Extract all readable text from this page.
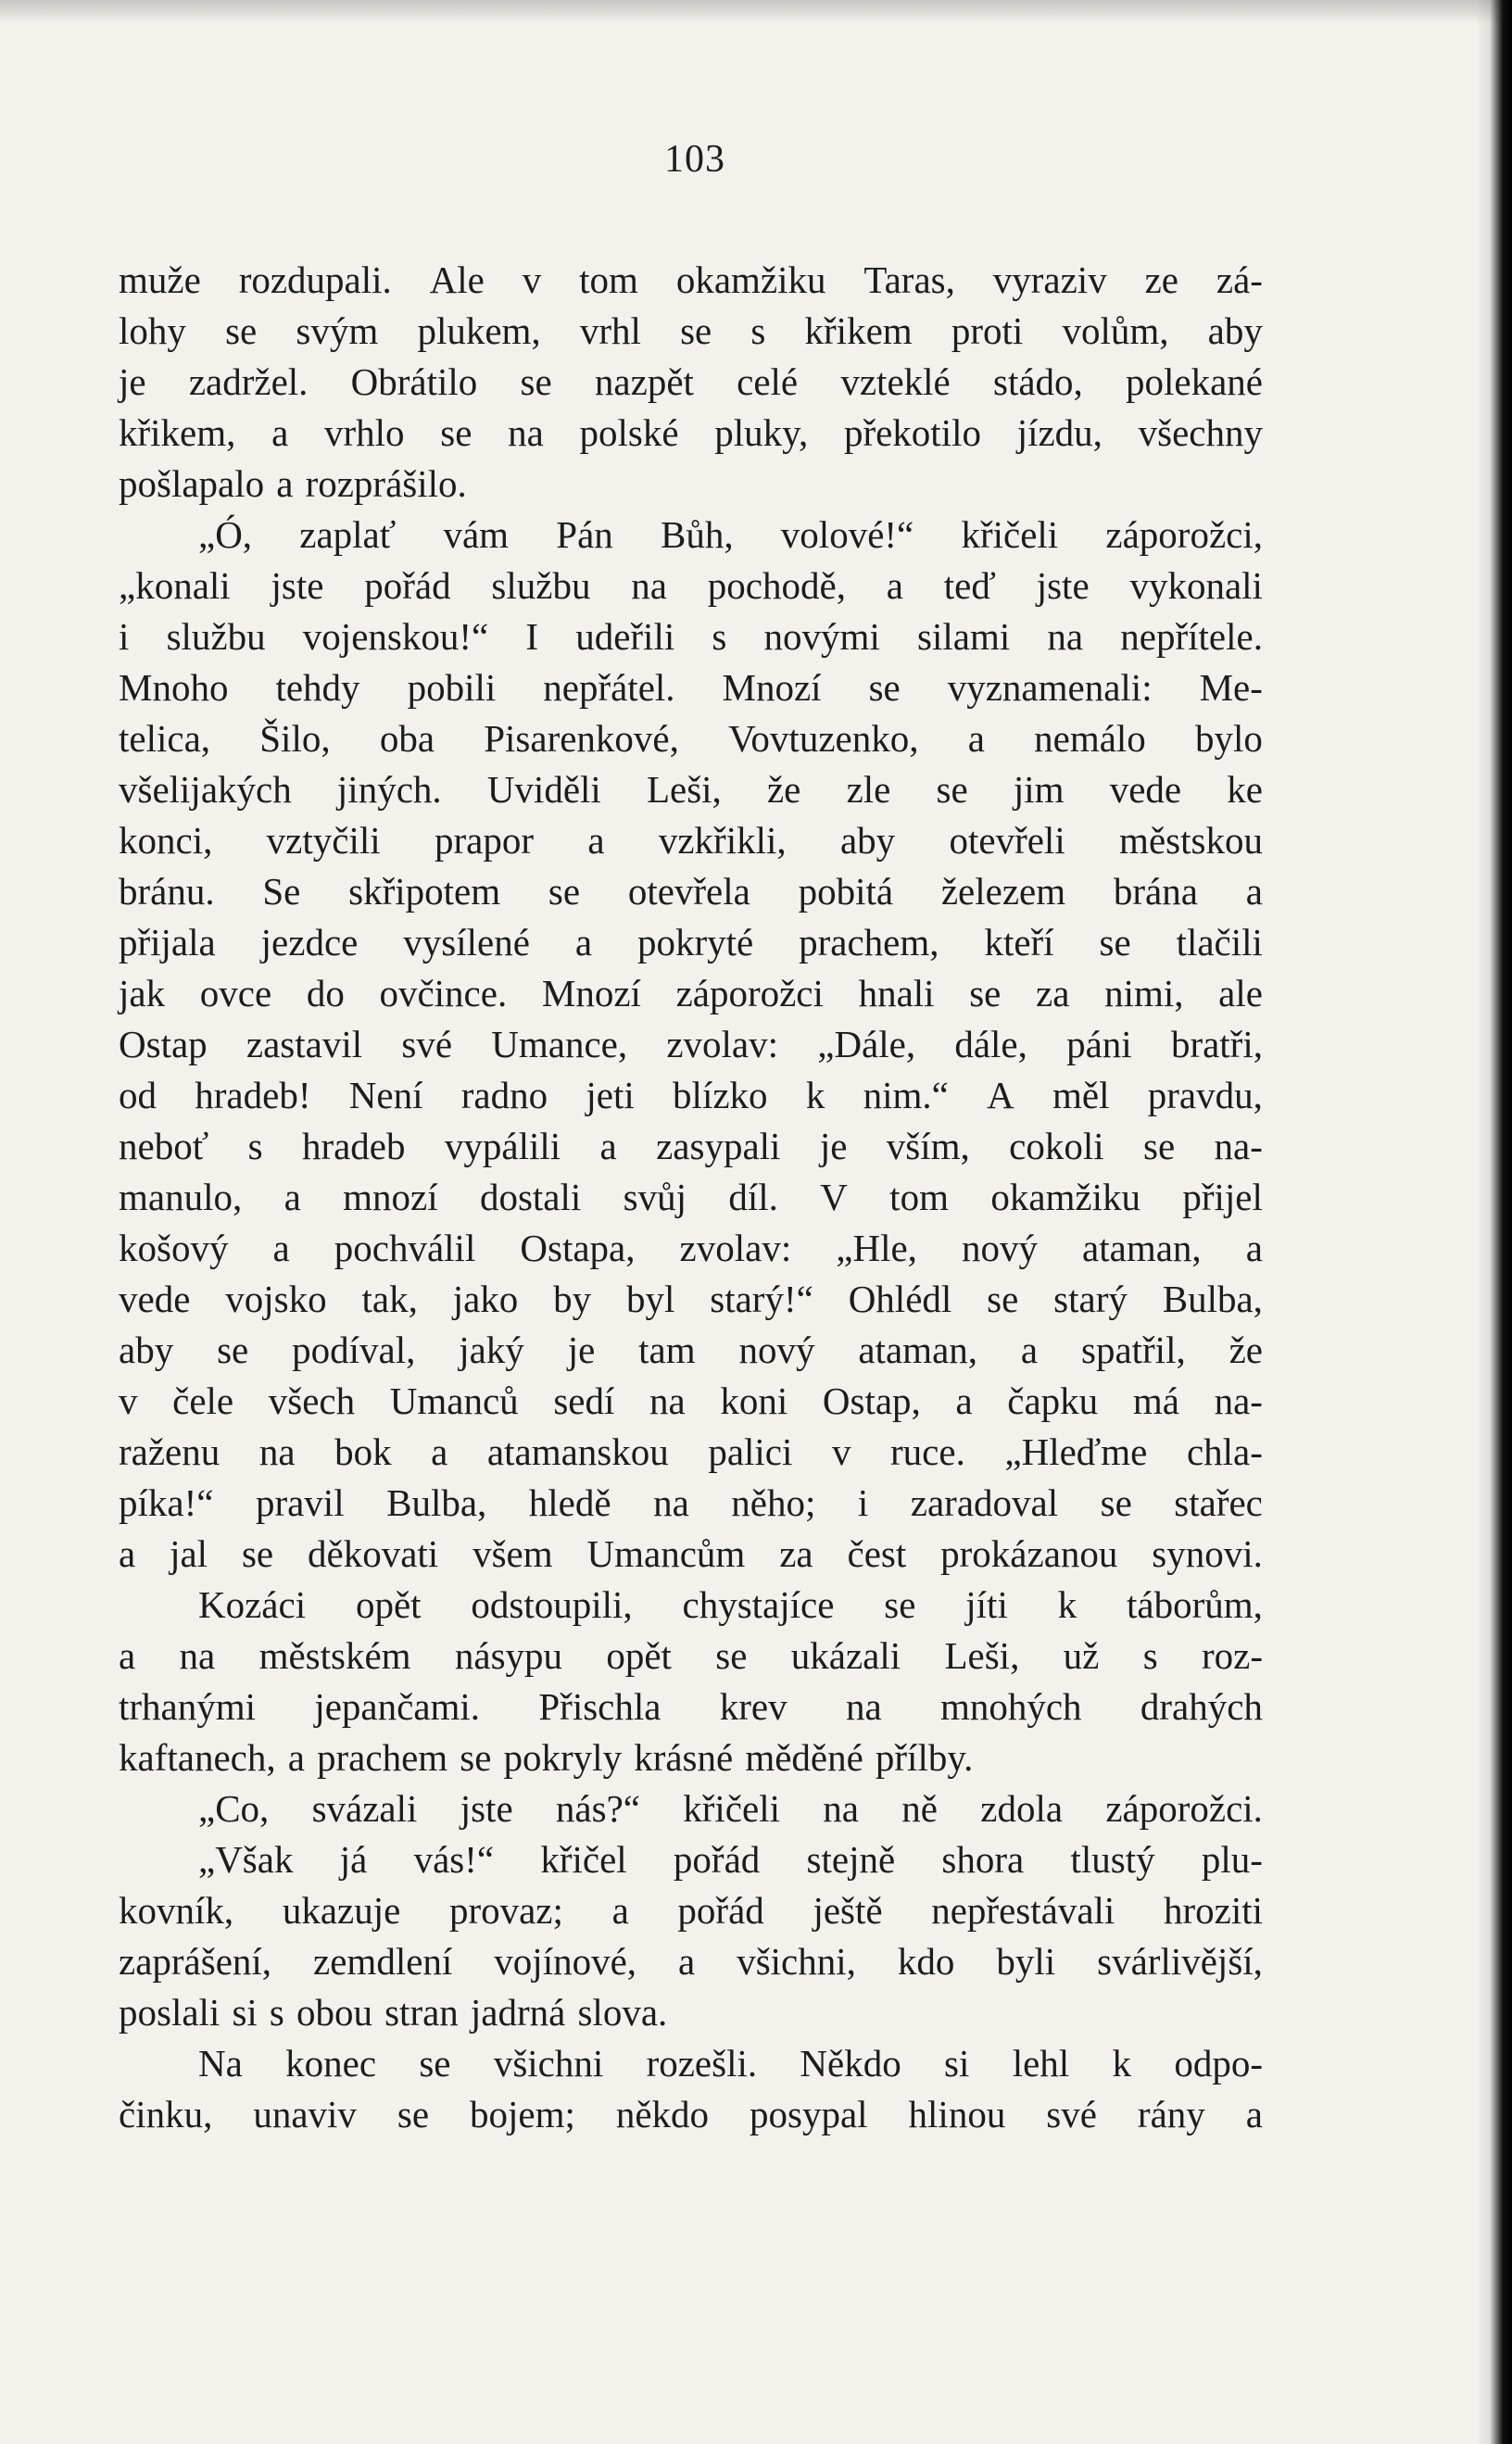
103
muže rozdupali. Ale v tom okamžiku Taras, vyraziv ze zá-
lohy se svým plukem, vrhl se s křikem proti volům, aby
je zadržel. Obrátilo se nazpět celé vzteklé stádo, polekané
křikem, a vrhlo se na polské pluky, překotilo jízdu, všechny
pošlapalo a rozprášilo.
„Ó, zaplať vám Pán Bůh, volové!“ křičeli záporožci,
„konali jste pořád službu na pochodě, a teď jste vykonali
i službu vojenskou!“ I udeřili s novými silami na nepřítele.
Mnoho tehdy pobili nepřátel. Mnozí se vyznamenali: Me-
telica, Šilo, oba Pisarenkové, Vovtuzenko, a nemálo bylo
všelijakých jiných. Uviděli Leši, že zle se jim vede ke
konci, vztyčili prapor a vzkřikli, aby otevřeli městskou
bránu. Se skřipotem se otevřela pobitá železem brána a
přijala jezdce vysílené a pokryté prachem, kteří se tlačili
jak ovce do ovčince. Mnozí záporožci hnali se za nimi, ale
Ostap zastavil své Umance, zvolav: „Dále, dále, páni bratři,
od hradeb! Není radno jeti blízko k nim.“ A měl pravdu,
neboť s hradeb vypálili a zasypali je vším, cokoli se na-
manulo, a mnozí dostali svůj díl. V tom okamžiku přijel
košový a pochválil Ostapa, zvolav: „Hle, nový ataman, a
vede vojsko tak, jako by byl starý!“ Ohlédl se starý Bulba,
aby se podíval, jaký je tam nový ataman, a spatřil, že
v čele všech Umanců sedí na koni Ostap, a čapku má na-
raženu na bok a atamanskou palici v ruce. „Hleďme chla-
píka!“ pravil Bulba, hledě na něho; i zaradoval se stařec
a jal se děkovati všem Umancům za čest prokázanou synovi.
Kozáci opět odstoupili, chystajíce se jíti k táborům,
a na městském násypu opět se ukázali Leši, už s roz-
trhanými jepančami. Přischla krev na mnohých drahých
kaftanech, a prachem se pokryly krásné měděné přílby.
„Co, svázali jste nás?“ křičeli na ně zdola záporožci.
„Však já vás!“ křičel pořád stejně shora tlustý plu-
kovník, ukazuje provaz; a pořád ještě nepřestávali hroziti
zaprášení, zemdlení vojínové, a všichni, kdo byli svárlivější,
poslali si s obou stran jadrná slova.
Na konec se všichni rozešli. Někdo si lehl k odpo-
činku, unaviv se bojem; někdo posypal hlinou své rány a
